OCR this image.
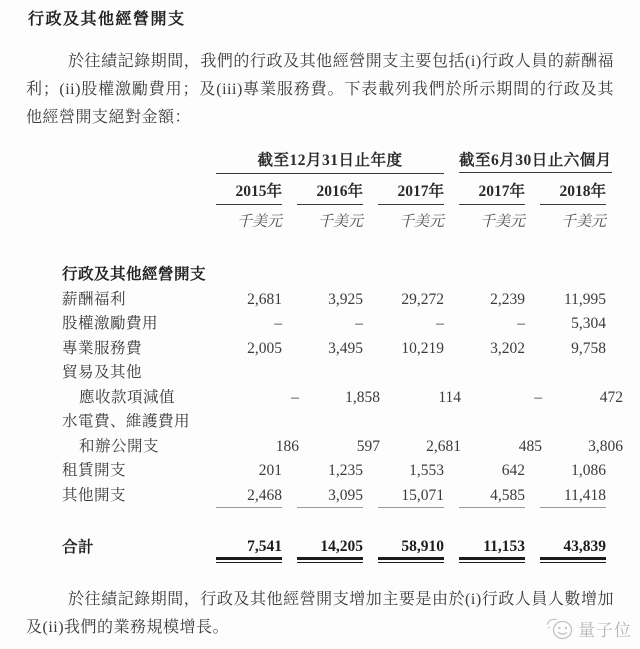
行政及其他經營開支

於往績記錄期間，我們的行政及其他經營開支主要包括(i)行政人員的薪酬福利；(ii)股權激勵費用；及(iii)專業服務費。下表載列我們於所示期間的行政及其他經營開支絕對金額：

截至12月31日止年度	截至6月30日止六個月
2015年	2016年	2017年	2017年	2018年
千美元	千美元	千美元	千美元	千美元
行政及其他經營開支
薪酬福利	2,681	3,925	29,272	2,239	11,995
股權激勵費用	–	–	–	–	5,304
專業服務費	2,005	3,495	10,219	3,202	9,758
貿易及其他
應收款項減值	–	1,858	114	–	472
水電費、維護費用
和辦公開支	186	597	2,681	485	3,806
租賃開支	201	1,235	1,553	642	1,086
其他開支	2,468	3,095	15,071	4,585	11,418
合計	7,541	14,205	58,910	11,153	43,839

於往績記錄期間，行政及其他經營開支增加主要是由於(i)行政人員人數增加及(ii)我們的業務規模增長。	量子位
